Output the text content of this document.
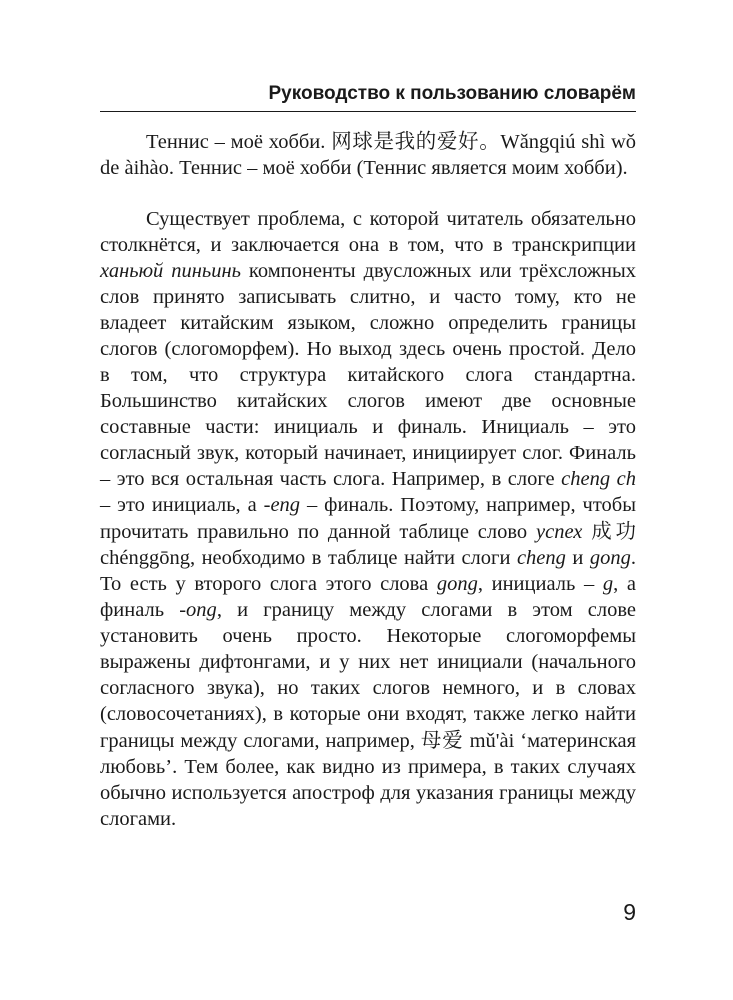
Руководство к пользованию словарём

Теннис – моё хобби. 网球是我的爱好。Wǎngqiú shì wǒ de àihào. Теннис – моё хобби (Теннис является моим хобби).

Существует проблема, с которой читатель обязательно столкнётся, и заключается она в том, что в транскрипции ханьюй пиньинь компоненты двусложных или трёхсложных слов принято записывать слитно, и часто тому, кто не владеет китайским языком, сложно определить границы слогов (слогоморфем). Но выход здесь очень простой. Дело в том, что структура китайского слога стандартна. Большинство китайских слогов имеют две основные составные части: инициаль и финаль. Инициаль – это согласный звук, который начинает, инициирует слог. Финаль – это вся остальная часть слога. Например, в слоге cheng ch – это инициаль, а -eng – финаль. Поэтому, например, чтобы прочитать правильно по данной таблице слово успех 成功 chénggōng, необходимо в таблице найти слоги cheng и gong. То есть у второго слога этого слова gong, инициаль – g, а финаль -ong, и границу между слогами в этом слове установить очень просто. Некоторые слогоморфемы выражены дифтонгами, и у них нет инициали (начального согласного звука), но таких слогов немного, и в словах (словосочетаниях), в которые они входят, также легко найти границы между слогами, например, 母爱 mǔ'ài ‘материнская любовь’. Тем более, как видно из примера, в таких случаях обычно используется апостроф для указания границы между слогами.

9
